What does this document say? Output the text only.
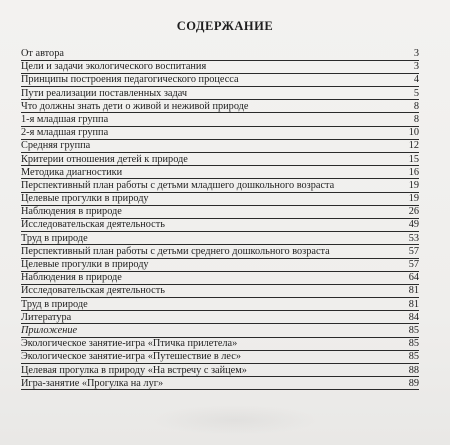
СОДЕРЖАНИЕ
От автора	3
Цели и задачи экологического воспитания	3
Принципы построения педагогического процесса	4
Пути реализации поставленных задач	5
Что должны знать дети о живой и неживой природе	8
1-я младшая группа	8
2-я младшая группа	10
Средняя группа	12
Критерии отношения детей к природе	15
Методика диагностики	16
Перспективный план работы с детьми младшего дошкольного возраста	19
Целевые прогулки в природу	19
Наблюдения в природе	26
Исследовательская деятельность	49
Труд в природе	53
Перспективный план работы с детьми среднего дошкольного возраста	57
Целевые прогулки в природу	57
Наблюдения в природе	64
Исследовательская деятельность	81
Труд в природе	81
Литература	84
Приложение	85
Экологическое занятие-игра «Птичка прилетела»	85
Экологическое занятие-игра «Путешествие в лес»	85
Целевая прогулка в природу «На встречу с зайцем»	88
Игра-занятие «Прогулка на луг»	89
